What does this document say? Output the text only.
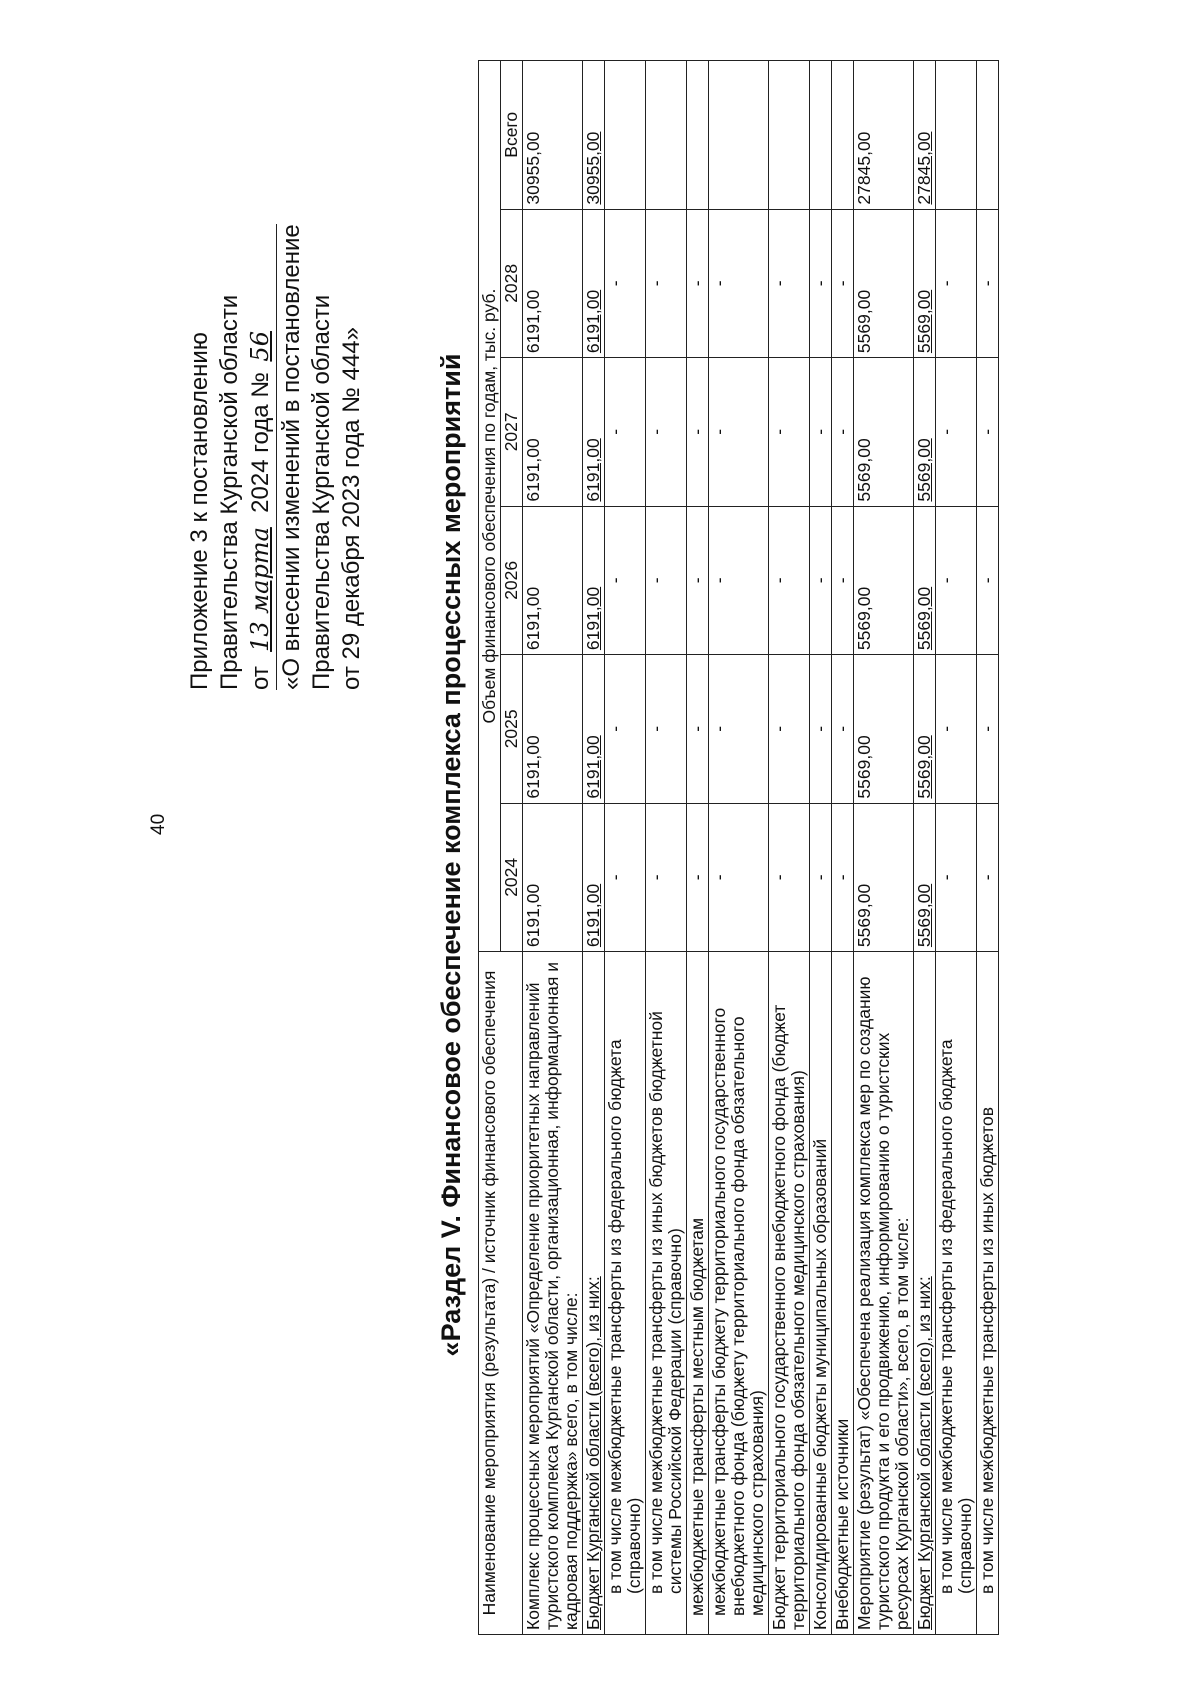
40
Приложение 3 к постановлению Правительства Курганской области от 13 марта 2024 года № 56 «О внесении изменений в постановление Правительства Курганской области от 29 декабря 2023 года № 444»	«Раздел V. Финансовое обеспечение комплекса процессных мероприятий Наименование мероприятия (результата) / источник финансового обеспечения	Объем финансового обеспечения по годам, тыс. руб.					
	2024	2025	2026	2027	2028	Всего
Комплекс процессных мероприятий «Определение приоритетных направлений туристского комплекса Курганской области, организационная, информационная и кадровая поддержка» всего, в том числе:	6191,00	6191,00	6191,00	6191,00	6191,00	30955,00
Бюджет Курганской области (всего), из них:	6191,00	6191,00	6191,00	6191,00	6191,00	30955,00
в том числе межбюджетные трансферты из федерального бюджета (справочно)	-	-	-	-	-	
в том числе межбюджетные трансферты из иных бюджетов бюджетной системы Российской Федерации (справочно)	-	-	-	-	-	
межбюджетные трансферты местным бюджетам	-	-	-	-	-	
межбюджетные трансферты бюджету территориального государственного внебюджетного фонда (бюджету территориального фонда обязательного медицинского страхования)	-	-	-	-	-	
Бюджет территориального государственного внебюджетного фонда (бюджет территориального фонда обязательного медицинского страхования)	-	-	-	-	-	
Консолидированные бюджеты муниципальных образований	-	-	-	-	-	
Внебюджетные источники	-	-	-	-	-	
Мероприятие (результат) «Обеспечена реализация комплекса мер по созданию туристского продукта и его продвижению, информированию о туристских ресурсах Курганской области», всего, в том числе:	5569,00	5569,00	5569,00	5569,00	5569,00	27845,00
Бюджет Курганской области (всего), из них:	5569,00	5569,00	5569,00	5569,00	5569,00	27845,00
в том числе межбюджетные трансферты из федерального бюджета (справочно)	-	-	-	-	-	
в том числе межбюджетные трансферты из иных бюджетов	-	-	-	-	-	
